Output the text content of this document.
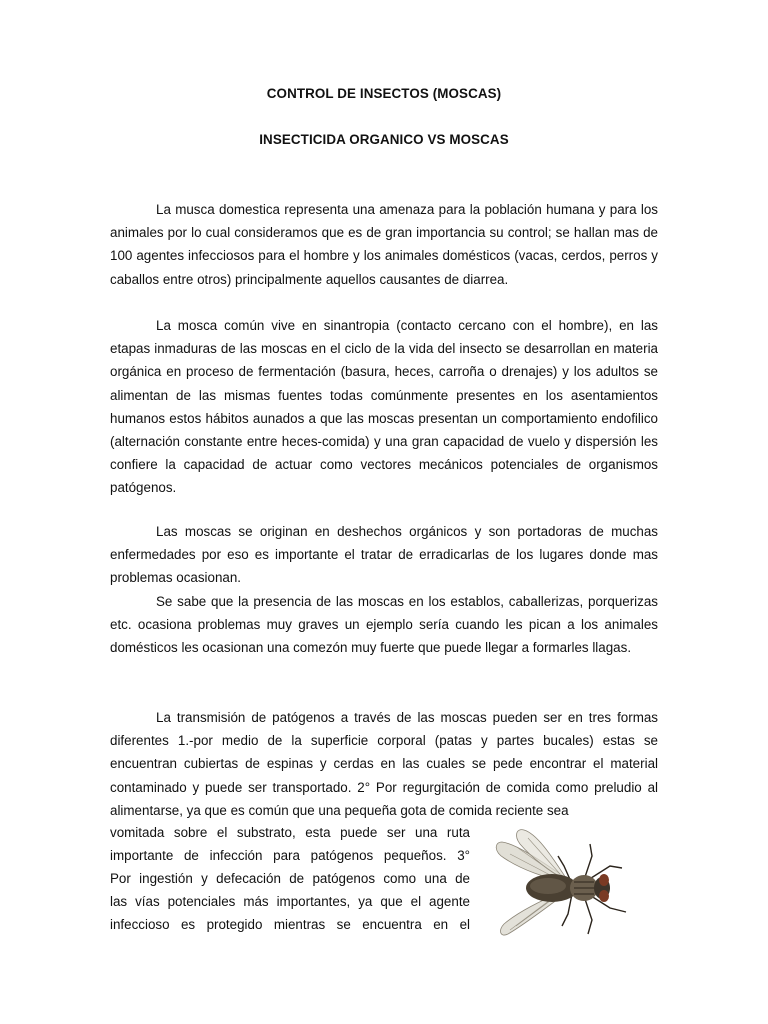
CONTROL DE INSECTOS (MOSCAS)
INSECTICIDA ORGANICO VS MOSCAS

La musca domestica representa una amenaza para la población humana y para los animales por lo cual consideramos que es de gran importancia su control; se hallan mas de 100 agentes infecciosos para el hombre y los animales domésticos (vacas, cerdos, perros y caballos entre otros) principalmente aquellos causantes de diarrea.

La mosca común vive en sinantropia (contacto cercano con el hombre), en las etapas inmaduras de las moscas en el ciclo de la vida del insecto se desarrollan en materia orgánica en proceso de fermentación (basura, heces, carroña o drenajes) y los adultos se alimentan de las mismas fuentes todas comúnmente presentes en los asentamientos humanos estos hábitos aunados a que las moscas presentan un comportamiento endofilico (alternación constante entre heces-comida) y una gran capacidad de vuelo y dispersión les confiere la capacidad de actuar como vectores mecánicos potenciales de organismos patógenos.

Las moscas se originan en deshechos orgánicos y son portadoras de muchas enfermedades por eso es importante el tratar de erradicarlas de los lugares donde mas problemas ocasionan.

Se sabe que la presencia de las moscas en los establos, caballerizas, porquerizas etc. ocasiona problemas muy graves un ejemplo sería cuando les pican a los animales domésticos les ocasionan una comezón muy fuerte que puede llegar a formarles llagas.

La transmisión de patógenos a través de las moscas pueden ser en tres formas diferentes 1.-por medio de la superficie corporal (patas y partes bucales) estas se encuentran cubiertas de espinas y cerdas en las cuales se pede encontrar el material contaminado y puede ser transportado. 2° Por regurgitación de comida como preludio al alimentarse, ya que es común que una pequeña gota de comida reciente sea

vomitada sobre el substrato, esta puede ser una ruta
importante de infección para patógenos pequeños. 3°
Por ingestión y defecación de patógenos como una de
las vías potenciales más importantes, ya que el agente
infeccioso es protegido mientras se encuentra en el
